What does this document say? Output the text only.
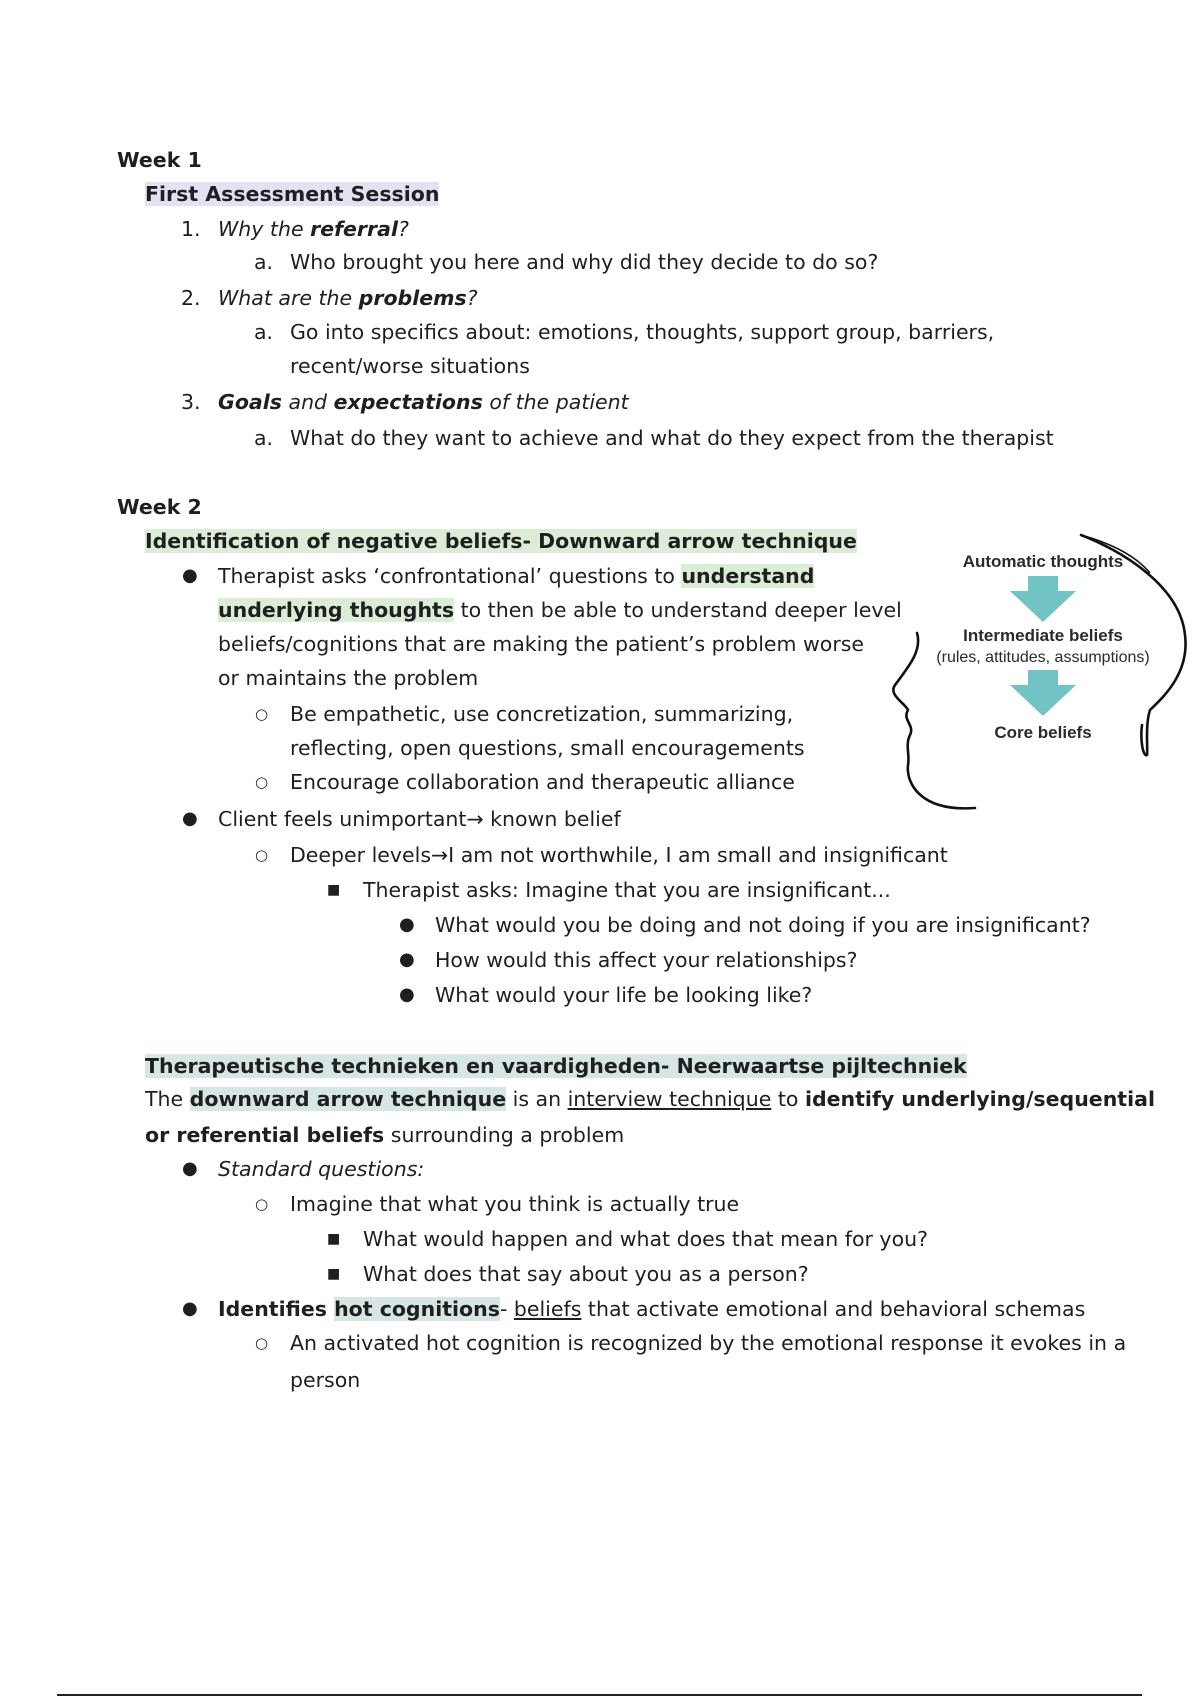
Week 1
First Assessment Session
1. Why the referral?
a. Who brought you here and why did they decide to do so?
2. What are the problems?
a. Go into specifics about: emotions, thoughts, support group, barriers,
recent/worse situations
3. Goals and expectations of the patient
a. What do they want to achieve and what do they expect from the therapist
Week 2
Identification of negative beliefs- Downward arrow technique
● Therapist asks ‘confrontational’ questions to understand
underlying thoughts to then be able to understand deeper level
beliefs/cognitions that are making the patient’s problem worse
or maintains the problem
○ Be empathetic, use concretization, summarizing,
reflecting, open questions, small encouragements
○ Encourage collaboration and therapeutic alliance
● Client feels unimportant→ known belief
○ Deeper levels→I am not worthwhile, I am small and insignificant
■ Therapist asks: Imagine that you are insignificant...
● What would you be doing and not doing if you are insignificant?
● How would this affect your relationships?
● What would your life be looking like?
Automatic thoughts
Intermediate beliefs
(rules, attitudes, assumptions)
Core beliefs
Therapeutische technieken en vaardigheden- Neerwaartse pijltechniek
The downward arrow technique is an interview technique to identify underlying/sequential
or referential beliefs surrounding a problem
● Standard questions:
○ Imagine that what you think is actually true
■ What would happen and what does that mean for you?
■ What does that say about you as a person?
● Identifies hot cognitions- beliefs that activate emotional and behavioral schemas
○ An activated hot cognition is recognized by the emotional response it evokes in a
person
